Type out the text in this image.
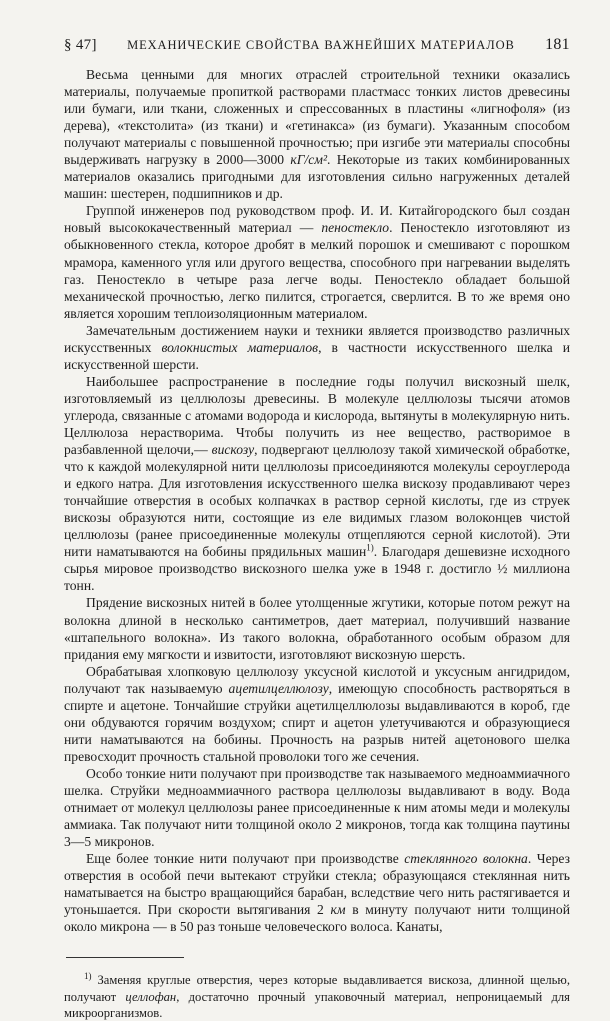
§ 47] МЕХАНИЧЕСКИЕ СВОЙСТВА ВАЖНЕЙШИХ МАТЕРИАЛОВ 181

Весьма ценными для многих отраслей строительной техники оказались материалы, получаемые пропиткой растворами пластмасс тонких листов древесины или бумаги, или ткани, сложенных и спрессованных в пластины «лигнофоля» (из дерева), «текстолита» (из ткани) и «гетинакса» (из бумаги). Указанным способом получают материалы с повышенной прочностью; при изгибе эти материалы способны выдерживать нагрузку в 2000—3000 кГ/см². Некоторые из таких комбинированных материалов оказались пригодными для изготовления сильно нагруженных деталей машин: шестерен, подшипников и др.

Группой инженеров под руководством проф. И. И. Китайгородского был создан новый высококачественный материал — пеностекло. Пеностекло изготовляют из обыкновенного стекла, которое дробят в мелкий порошок и смешивают с порошком мрамора, каменного угля или другого вещества, способного при нагревании выделять газ. Пеностекло в четыре раза легче воды. Пеностекло обладает большой механической прочностью, легко пилится, строгается, сверлится. В то же время оно является хорошим теплоизоляционным материалом.

Замечательным достижением науки и техники является производство различных искусственных волокнистых материалов, в частности искусственного шелка и искусственной шерсти.

Наибольшее распространение в последние годы получил вискозный шелк, изготовляемый из целлюлозы древесины. В молекуле целлюлозы тысячи атомов углерода, связанные с атомами водорода и кислорода, вытянуты в молекулярную нить. Целлюлоза нерастворима. Чтобы получить из нее вещество, растворимое в разбавленной щелочи,— вискозу, подвергают целлюлозу такой химической обработке, что к каждой молекулярной нити целлюлозы присоединяются молекулы сероуглерода и едкого натра. Для изготовления искусственного шелка вискозу продавливают через тончайшие отверстия в особых колпачках в раствор серной кислоты, где из струек вискозы образуются нити, состоящие из еле видимых глазом волоконцев чистой целлюлозы (ранее присоединенные молекулы отщепляются серной кислотой). Эти нити наматываются на бобины прядильных машин$^{1)}$. Благодаря дешевизне исходного сырья мировое производство вискозного шелка уже в 1948 г. достигло ½ миллиона тонн.

Прядение вискозных нитей в более утолщенные жгутики, которые потом режут на волокна длиной в несколько сантиметров, дает материал, получивший название «штапельного волокна». Из такого волокна, обработанного особым образом для придания ему мягкости и извитости, изготовляют вискозную шерсть.

Обрабатывая хлопковую целлюлозу уксусной кислотой и уксусным ангидридом, получают так называемую ацетилцеллюлозу, имеющую способность растворяться в спирте и ацетоне. Тончайшие струйки ацетилцеллюлозы выдавливаются в короб, где они обдуваются горячим воздухом; спирт и ацетон улетучиваются и образующиеся нити наматываются на бобины. Прочность на разрыв нитей ацетонового шелка превосходит прочность стальной проволоки того же сечения.

Особо тонкие нити получают при производстве так называемого медноаммиачного шелка. Струйки медноаммиачного раствора целлюлозы выдавливают в воду. Вода отнимает от молекул целлюлозы ранее присоединенные к ним атомы меди и молекулы аммиака. Так получают нити толщиной около 2 микронов, тогда как толщина паутины 3—5 микронов.

Еще более тонкие нити получают при производстве стеклянного волокна. Через отверстия в особой печи вытекают струйки стекла; образующаяся стеклянная нить наматывается на быстро вращающийся барабан, вследствие чего нить растягивается и утоньшается. При скорости вытягивания 2 км в минуту получают нити толщиной около микрона — в 50 раз тоньше человеческого волоса. Канаты,

$^{1)}$ Заменяя круглые отверстия, через которые выдавливается вискоза, длинной щелью, получают целлофан, достаточно прочный упаковочный материал, непроницаемый для микроорганизмов.
